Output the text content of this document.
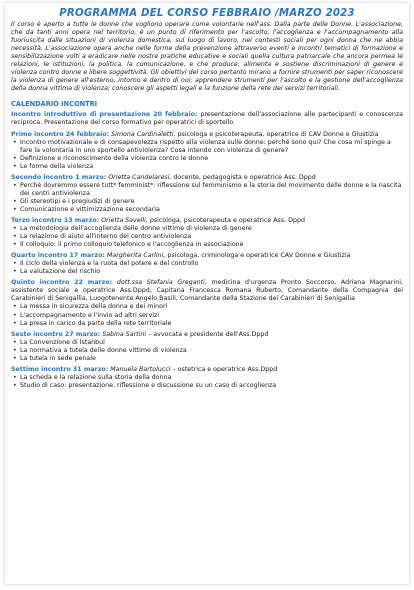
PROGRAMMA DEL CORSO FEBBRAIO /MARZO 2023

Il corso è aperto a tutte le donne che vogliono operare come volontarie nell'ass. Dalla parte delle Donne. L'associazione, che da tanti anni opera nel territorio, è un punto di riferimento per l'ascolto, l'accoglienza e l'accompagnamento alla fuoriuscita dalle situazioni di violenza domestica, sul luogo di lavoro, nei contesti sociali per ogni donna che ne abbia necessità. L'associazione opera anche nelle forme della prevenzione attraverso eventi e incontri tematici di formazione e sensibilizzazione volti a eradicare nelle nostre pratiche educative e sociali quella cultura patriarcale che ancora permea le relazioni, le istituzioni, la politica, la comunicazione, e che produce, alimenta e sostiene discriminazioni di genere e violenza contro donne e libere soggettività. Gli obiettivi del corso pertanto mirano a fornire strumenti per saper riconoscere la violenza di genere all'esterno, intorno e dentro di noi; apprendere strumenti per l'ascolto e la gestione dell'accoglienza della donna vittima di violenza; conoscere gli aspetti legali e la funzione della rete dei servizi territoriali.

CALENDARIO INCONTRI

Incontro introduttivo di presentazione 20 febbraio: presentazione dell'associazione alle partecipanti e conoscenza reciproca. Presentazione del corso formativo per operatrici di sportello.

Primo incontro 24 febbraio: Simona Cardinaletti, psicologa e psicoterapeuta, operatrice di CAV Donne e Giustizia

• Incontro motivazionale e di consapevolezza rispetto alla violenza sulle donne: perché sono qui? Che cosa mi spinge a fare la volontaria in uno sportello antiviolenza? Cosa intendo con violenza di genere?
• Definizione e riconoscimento della violenza contro le donne
• Le forme della violenza

Secondo incontro 1 marzo: Orietta Candelaresi, docente, pedagogista e operatrice Ass. Dppd

• Perché dovremmo essere tutt* femminist*: riflessione sul femminismo e la storia del movimento delle donne e la nascita dei centri antiviolenza
• Gli stereotipi e i pregiudizi di genere
• Comunicazione e vittimizzazione secondaria

Terzo incontro 13 marzo: Orietta Savelli, psicologa, psicoterapeuta e operatrice Ass. Dppd

• La metodologia dell'accoglienza delle donne vittime di violenza di genere
• La relazione di aiuto all'interno del centro antiviolenza
• Il colloquio: il primo colloquio telefonico e l'accoglienza in associazione

Quarto incontro 17 marzo: Margherita Carlini, psicologa, criminologa e operatrice CAV Donne e Giustizia

• Il ciclo della violenza e la ruota del potere e del controllo
• La valutazione del rischio

Quinto incontro 22 marzo: dott.ssa Stefania Greganti, medicina d'urgenza Pronto Soccorso, Adriana Magnarini, assistente sociale e operatrice Ass.Dppd, Capitana Francesca Romana Ruberto, Comandante della Compagnia dei Carabinieri di Senigallia, Luogotenente Angelo Basili, Comandante della Stazione dei Carabinieri di Senigallia

• La messa in sicurezza della donna e dei minori
• L'accompagnamento e l'invio ad altri servizi
• La presa in carico da parte della rete territoriale

Sesto incontro 27 marzo: Sabina Sartini – avvocata e presidente dell'Ass.Dppd

• La Convenzione di Istanbul
• La normativa a tutela delle donne vittime di violenza
• La tutela in sede penale

Settimo incontro 31 marzo: Manuela Bartolucci – ostetrica e operatrice Ass.Dppd

• La scheda e la relazione sulla storia della donna
• Studio di caso: presentazione, riflessione e discussione su un caso di accoglienza
